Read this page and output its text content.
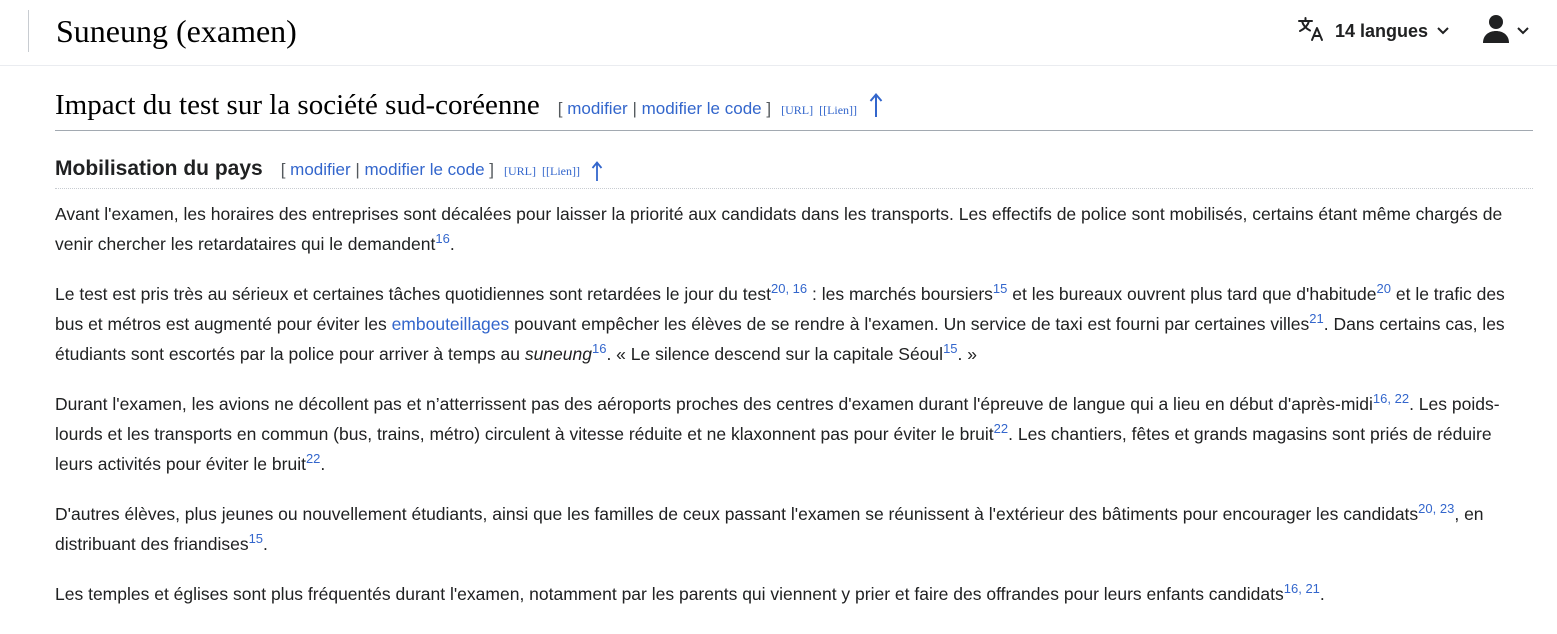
Suneung (examen)	14 langues
Impact du test sur la société sud-coréenne [ modifier | modifier le code ] [URL] [[Lien]]
Mobilisation du pays [ modifier | modifier le code ] [URL] [[Lien]]

Avant l'examen, les horaires des entreprises sont décalées pour laisser la priorité aux candidats dans les transports. Les effectifs de police sont mobilisés, certains étant même chargés de venir chercher les retardataires qui le demandent$^{16}$.

Le test est pris très au sérieux et certaines tâches quotidiennes sont retardées le jour du test$^{20, 16}$ : les marchés boursiers$^{15}$ et les bureaux ouvrent plus tard que d'habitude$^{20}$ et le trafic des bus et métros est augmenté pour éviter les embouteillages pouvant empêcher les élèves de se rendre à l'examen. Un service de taxi est fourni par certaines villes$^{21}$. Dans certains cas, les étudiants sont escortés par la police pour arriver à temps au suneung$^{16}$. « Le silence descend sur la capitale Séoul$^{15}$. »

Durant l'examen, les avions ne décollent pas et n’atterrissent pas des aéroports proches des centres d'examen durant l'épreuve de langue qui a lieu en début d'après-midi$^{16, 22}$. Les poids-lourds et les transports en commun (bus, trains, métro) circulent à vitesse réduite et ne klaxonnent pas pour éviter le bruit$^{22}$. Les chantiers, fêtes et grands magasins sont priés de réduire leurs activités pour éviter le bruit$^{22}$.

D'autres élèves, plus jeunes ou nouvellement étudiants, ainsi que les familles de ceux passant l'examen se réunissent à l'extérieur des bâtiments pour encourager les candidats$^{20, 23}$, en distribuant des friandises$^{15}$.

Les temples et églises sont plus fréquentés durant l'examen, notamment par les parents qui viennent y prier et faire des offrandes pour leurs enfants candidats$^{16, 21}$.
